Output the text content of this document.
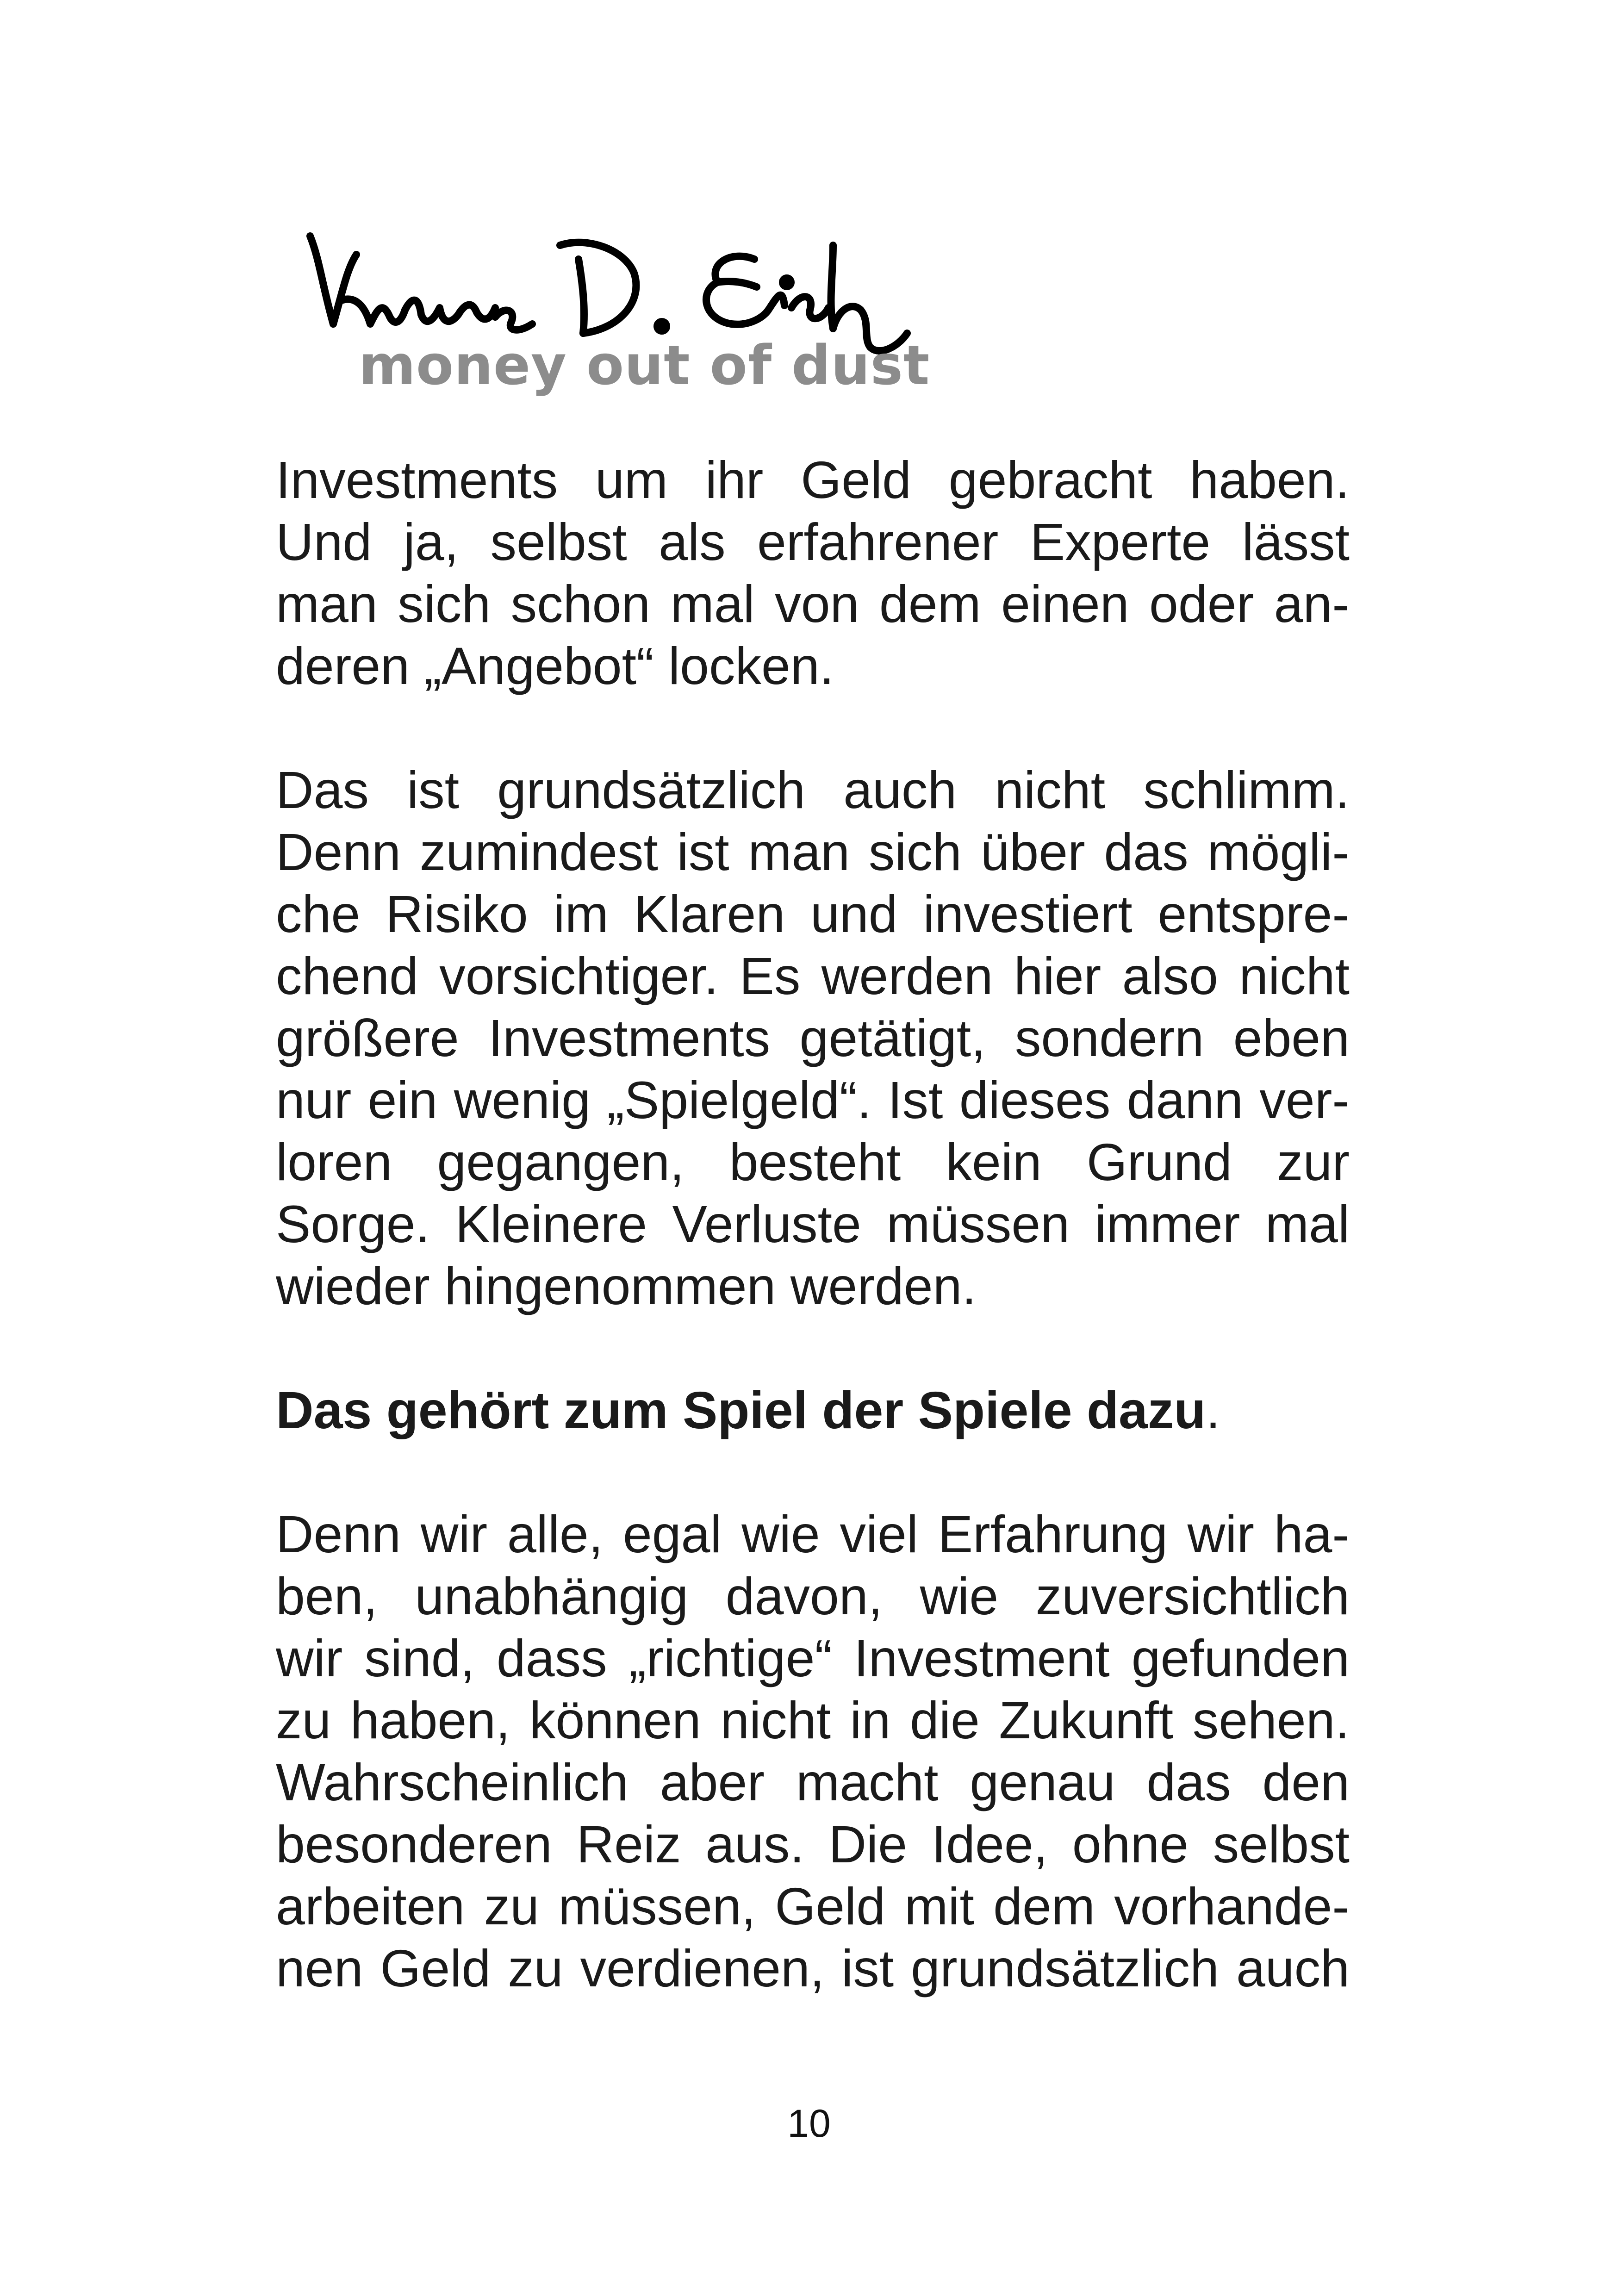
money out of dust
Investments um ihr Geld gebracht haben.
Und ja, selbst als erfahrener Experte lässt
man sich schon mal von dem einen oder an-
deren „Angebot“ locken.
Das ist grundsätzlich auch nicht schlimm.
Denn zumindest ist man sich über das mögli-
che Risiko im Klaren und investiert entspre-
chend vorsichtiger. Es werden hier also nicht
größere Investments getätigt, sondern eben
nur ein wenig „Spielgeld“. Ist dieses dann ver-
loren gegangen, besteht kein Grund zur
Sorge. Kleinere Verluste müssen immer mal
wieder hingenommen werden.
Das gehört zum Spiel der Spiele dazu.
Denn wir alle, egal wie viel Erfahrung wir ha-
ben, unabhängig davon, wie zuversichtlich
wir sind, dass „richtige“ Investment gefunden
zu haben, können nicht in die Zukunft sehen.
Wahrscheinlich aber macht genau das den
besonderen Reiz aus. Die Idee, ohne selbst
arbeiten zu müssen, Geld mit dem vorhande-
nen Geld zu verdienen, ist grundsätzlich auch
10
